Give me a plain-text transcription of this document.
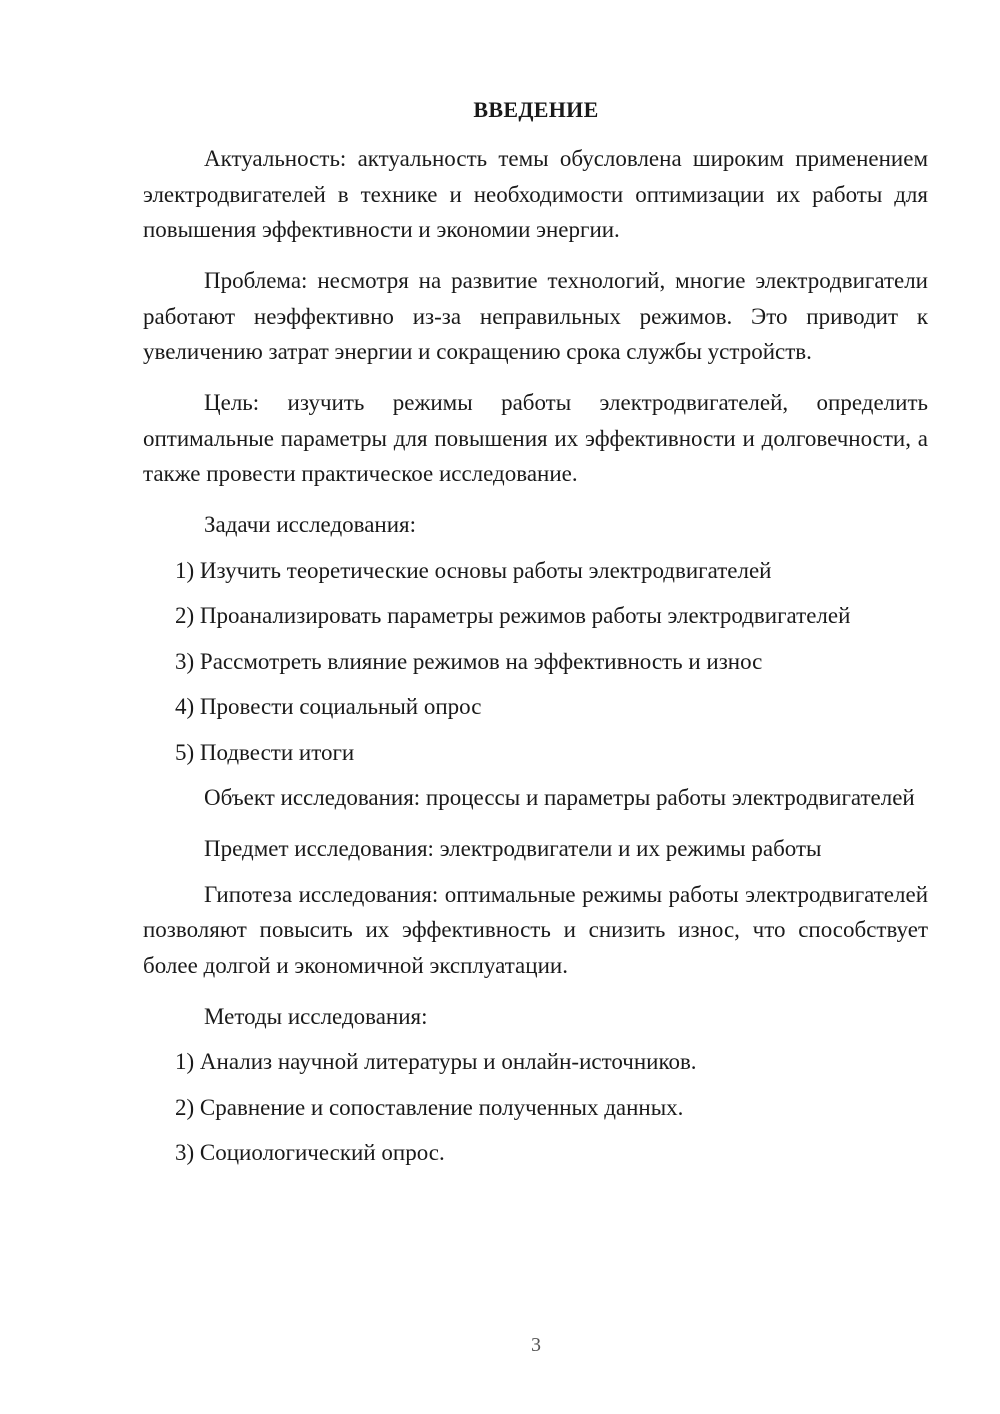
ВВЕДЕНИЕ

Актуальность: актуальность темы обусловлена широким применением электродвигателей в технике и необходимости оптимизации их работы для повышения эффективности и экономии энергии.

Проблема: несмотря на развитие технологий, многие электродвигатели работают неэффективно из-за неправильных режимов. Это приводит к увеличению затрат энергии и сокращению срока службы устройств.

Цель: изучить режимы работы электродвигателей, определить оптимальные параметры для повышения их эффективности и долговечности, а также провести практическое исследование.

Задачи исследования:

1) Изучить теоретические основы работы электродвигателей

2) Проанализировать параметры режимов работы электродвигателей

3) Рассмотреть влияние режимов на эффективность и износ

4) Провести социальный опрос

5) Подвести итоги

Объект исследования: процессы и параметры работы электродвигателей

Предмет исследования: электродвигатели и их режимы работы

Гипотеза исследования: оптимальные режимы работы электродвигателей позволяют повысить их эффективность и снизить износ, что способствует более долгой и экономичной эксплуатации.

Методы исследования:

1) Анализ научной литературы и онлайн-источников.

2) Сравнение и сопоставление полученных данных.

3) Социологический опрос.

3
